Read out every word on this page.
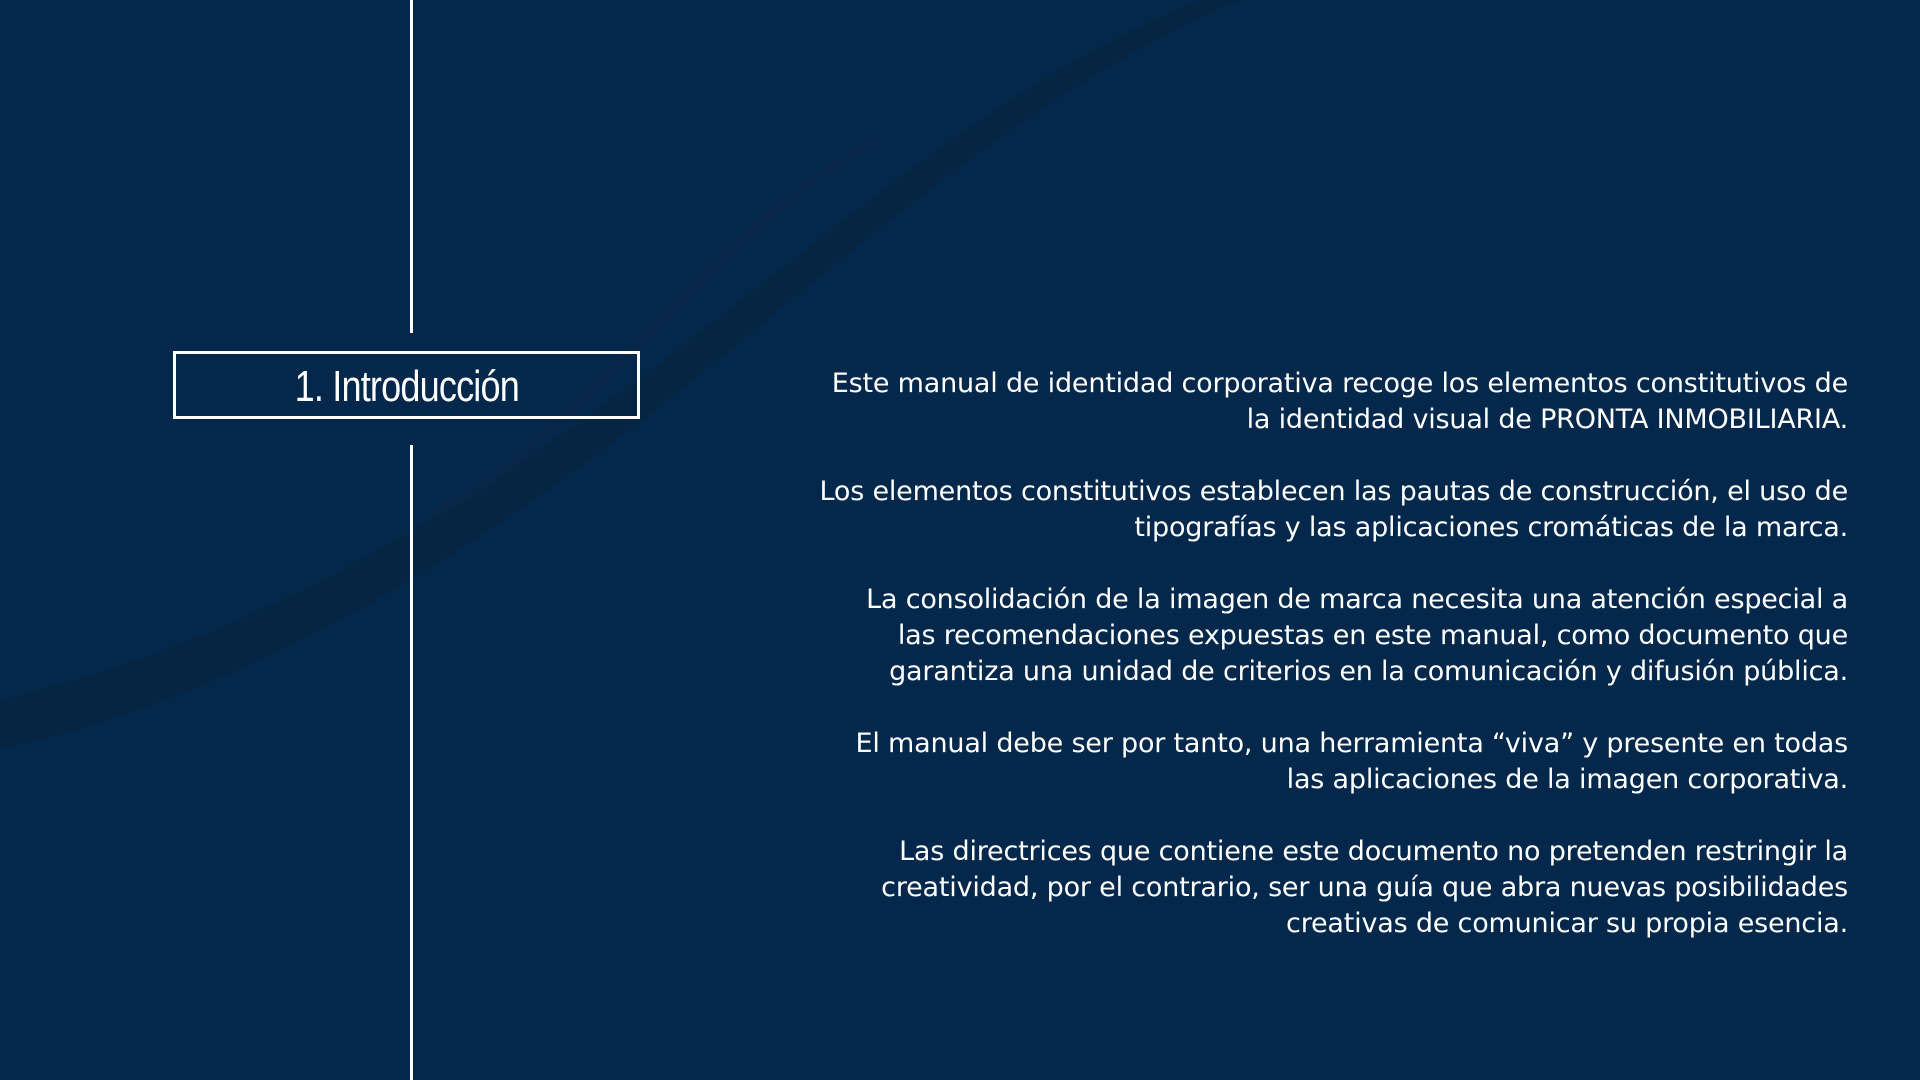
1. Introducción	Este manual de identidad corporativa recoge los elementos constitutivos de
la identidad visual de PRONTA INMOBILIARIA.

Los elementos constitutivos establecen las pautas de construcción, el uso de
tipografías y las aplicaciones cromáticas de la marca.

La consolidación de la imagen de marca necesita una atención especial a
las recomendaciones expuestas en este manual, como documento que
garantiza una unidad de criterios en la comunicación y difusión pública.

El manual debe ser por tanto, una herramienta “viva” y presente en todas
las aplicaciones de la imagen corporativa.

Las directrices que contiene este documento no pretenden restringir la
creatividad, por el contrario, ser una guía que abra nuevas posibilidades
creativas de comunicar su propia esencia.
